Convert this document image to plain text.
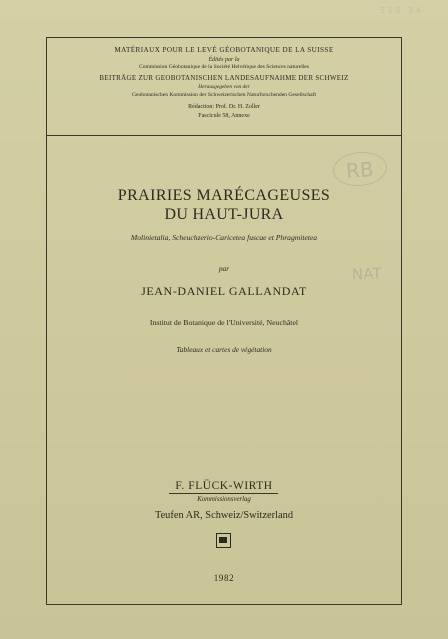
5 1 8 . 3 4
MATÉRIAUX POUR LE LEVÉ GÉOBOTANIQUE DE LA SUISSE
Édités par la
Commission Géobotanique de la Société Helvétique des Sciences naturelles
BEITRÄGE ZUR GEOBOTANISCHEN LANDESAUFNAHME DER SCHWEIZ
Herausgegeben von der
Geobotanischen Kommission der Schweizerischen Naturforschenden Gesellschaft
Rédaction: Prof. Dr. H. Zoller
Fascicule 58, Annexe
RB
NAT
PRAIRIES MARÉCAGEUSES
DU HAUT-JURA
Molinietalia, Scheuchzerio-Caricetea fuscae et Phragmitetea
par
JEAN-DANIEL GALLANDAT
Institut de Botanique de l'Université, Neuchâtel
Tableaux et cartes de végétation
F. FLÜCK-WIRTH
Kommissionsverlag
Teufen AR, Schweiz/Switzerland
1982
